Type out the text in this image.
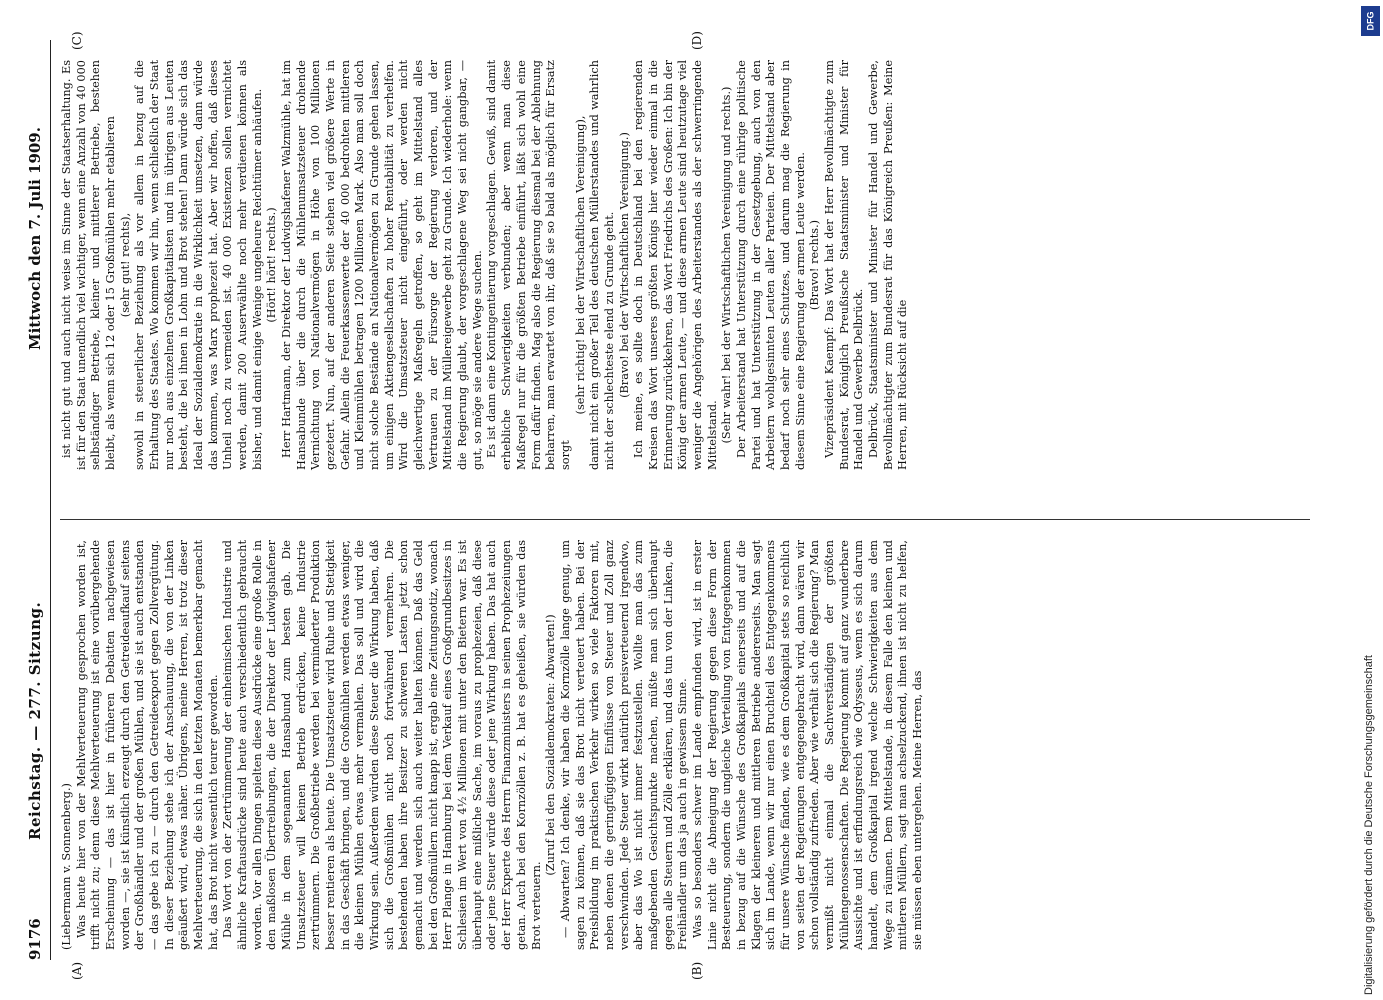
9176
Reichstag. — 277. Sitzung.
Mittwoch den 7. Juli 1909.
(A)	(B)
(C)	(D)

(Liebermann v. Sonnenberg.) Was heute hier von der Mehlverteuerung gesprochen worden ist, trifft nicht zu; denn diese Mehlverteuerung ist eine vorübergehende Erscheinung — das ist hier in früheren Debatten nachgewiesen worden —, sie ist künstlich erzeugt durch den Getreideaufkauf seitens der Großhändler und der großen Mühlen, und sie ist auch entstanden — das gebe ich zu — durch den Getreideexport gegen Zollvergütung. In dieser Beziehung stehe ich der Anschauung, die von der Linken geäußert wird, etwas näher. Übrigens, meine Herren, ist trotz dieser Mehlverteuerung, die sich in den letzten Monaten bemerkbar gemacht hat, das Brot nicht wesentlich teurer geworden. Das Wort von der Zertrümmerung der einheimischen Industrie und ähnliche Kraftausdrücke sind heute auch verschiedentlich gebraucht worden. Vor allen Dingen spielten diese Ausdrücke eine große Rolle in den maßlosen Übertreibungen, die der Direktor der Ludwigshafener Mühle in dem sogenannten Hansabund zum besten gab. Die Umsatzsteuer will keinen Betrieb erdrücken, keine Industrie zertrümmern. Die Großbetriebe werden bei verminderter Produktion besser rentieren als heute. Die Umsatzsteuer wird Ruhe und Stetigkeit in das Geschäft bringen, und die Großmühlen werden etwas weniger, die kleinen Mühlen etwas mehr vermahlen. Das soll und wird die Wirkung sein. Außerdem würden diese Steuer die Wirkung haben, daß sich die Großmühlen nicht noch fortwährend vermehren. Die bestehenden haben ihre Besitzer zu schweren Lasten jetzt schon gemacht und werden sich auch weiter halten können. Daß das Geld bei den Großmüllern nicht knapp ist, ergab eine Zeitungsnotiz, wonach Herr Plange in Hamburg bei dem Verkauf eines Großgrundbesitzes in Schlesien im Wert von 4½ Millionen mit unter den Bietern war. Es ist überhaupt eine mißliche Sache, im voraus zu prophezeien, daß diese oder jene Steuer würde diese oder jene Wirkung haben. Das hat auch der Herr Experte des Herrn Finanzministers in seinen Prophezeiungen getan. Auch bei den Kornzöllen z. B. hat es geheißen, sie würden das Brot verteuern.

(Zuruf bei den Sozialdemokraten: Abwarten!) — Abwarten? Ich denke, wir haben die Kornzölle lange genug, um sagen zu können, daß sie das Brot nicht verteuert haben. Bei der Preisbildung im praktischen Verkehr wirken so viele Faktoren mit, neben denen die geringfügigen Einflüsse von Steuer und Zoll ganz verschwinden. Jede Steuer wirkt natürlich preisverteuernd irgendwo, aber das Wo ist nicht immer festzustellen. Wollte man das zum maßgebenden Gesichtspunkte machen, müßte man sich überhaupt gegen alle Steuern und Zölle erklären, und das tun von der Linken, die Freihändler um das ja auch in gewissem Sinne. Was so besonders schwer im Lande empfunden wird, ist in erster Linie nicht die Abneigung der Regierung gegen diese Form der Besteuerung, sondern die ungleiche Verteilung von Entgegenkommen in bezug auf die Wünsche des Großkapitals einerseits und auf die Klagen der kleineren und mittleren Betriebe andererseits. Man sagt sich im Lande, wenn wir nur einen Bruchteil des Entgegenkommens für unsere Wünsche fänden, wie es dem Großkapital stets so reichlich von seiten der Regierungen entgegengebracht wird, dann wären wir schon vollständig zufrieden. Aber wie verhält sich die Regierung? Man vermißt nicht einmal die Sachverständigen der größten Mühlengenossenschaften. Die Regierung kommt auf ganz wunderbare Aussichte und ist erfindungsreich wie Odysseus, wenn es sich darum handelt, dem Großkapital irgend welche Schwierigkeiten aus dem Wege zu räumen. Dem Mittelstande, in diesem Falle den kleinen und mittleren Müllern, sagt man achselzuckend, ihnen ist nicht zu helfen, sie müssen eben untergehen. Meine Herren, das

ist nicht gut und auch nicht weise im Sinne der Staatserhaltung. Es ist für den Staat unendlich viel wichtiger, wenn eine Anzahl von 40 000 selbständiger Betriebe, kleiner und mittlerer Betriebe, bestehen bleibt, als wenn sich 12 oder 15 Großmühlen mehr etablieren (sehr gut! rechts), sowohl in steuerlicher Beziehung als vor allem in bezug auf die Erhaltung des Staates. Wo kommen wir hin, wenn schließlich der Staat nur noch aus einzelnen Großkapitalisten und im übrigen aus Leuten besteht, die bei ihnen in Lohn und Brot stehen! Dann würde sich das Ideal der Sozialdemokratie in die Wirklichkeit umsetzen, dann würde das kommen, was Marx prophezeit hat. Aber wir hoffen, daß dieses Unheil noch zu vermeiden ist. 40 000 Existenzen sollen vernichtet werden, damit 200 Auserwählte noch mehr verdienen können als bisher, und damit einige Wenige ungeheure Reichtümer anhäufen. (Hört! hört! rechts.) Herr Hartmann, der Direktor der Ludwigshafener Walzmühle, hat im Hansabunde über die durch die Mühlenumsatzsteuer drohende Vernichtung von Nationalvermögen in Höhe von 100 Millionen gezetert. Nun, auf der anderen Seite stehen viel größere Werte in Gefahr. Allein die Feuerkassenwerte der 40 000 bedrohten mittleren und Kleinmühlen betragen 1200 Millionen Mark. Also man soll doch nicht solche Bestände an Nationalvermögen zu Grunde gehen lassen, um einigen Aktiengesellschaften zu hoher Rentabilität zu verhelfen. Wird die Umsatzsteuer nicht eingeführt, oder werden nicht gleichwertige Maßregeln getroffen, so geht im Mittelstand alles Vertrauen zu der Fürsorge der Regierung verloren, und der Mittelstand im Müllereigewerbe geht zu Grunde. Ich wiederhole: wenn die Regierung glaubt, der vorgeschlagene Weg sei nicht gangbar, — gut, so möge sie andere Wege suchen. Es ist dann eine Kontingentierung vorgeschlagen. Gewiß, sind damit erhebliche Schwierigkeiten verbunden; aber wenn man diese Maßregel nur für die größten Betriebe einführt, läßt sich wohl eine Form dafür finden. Mag also die Regierung diesmal bei der Ablehnung beharren, man erwartet von ihr, daß sie so bald als möglich für Ersatz sorgt

(sehr richtig! bei der Wirtschaftlichen Vereinigung), damit nicht ein großer Teil des deutschen Müllerstandes und wahrlich nicht der schlechteste elend zu Grunde geht. (Bravo! bei der Wirtschaftlichen Vereinigung.) Ich meine, es sollte doch in Deutschland bei den regierenden Kreisen das Wort unseres größten Königs hier wieder einmal in die Erinnerung zurückkehren, das Wort Friedrichs des Großen: Ich bin der König der armen Leute, — und diese armen Leute sind heutzutage viel weniger die Angehörigen des Arbeiterstandes als der schwerringende Mittelstand. (Sehr wahr! bei der Wirtschaftlichen Vereinigung und rechts.) Der Arbeiterstand hat Unterstützung durch eine rührige politische Partei und hat Unterstützung in der Gesetzgebung, auch von den Arbeitern wohlgesinnten Leuten aller Parteien. Der Mittelstand aber bedarf noch sehr eines Schutzes, und darum mag die Regierung in diesem Sinne eine Regierung der armen Leute werden. (Bravo! rechts.) Vizepräsident Kaempf: Das Wort hat der Herr Bevollmächtigte zum Bundesrat, Königlich Preußische Staatsminister und Minister für Handel und Gewerbe Delbrück. Delbrück, Staatsminister und Minister für Handel und Gewerbe, Bevollmächtigter zum Bundesrat für das Königreich Preußen: Meine Herren, mit Rücksicht auf die

DFG
Digitalisierung gefördert durch die Deutsche Forschungsgemeinschaft
